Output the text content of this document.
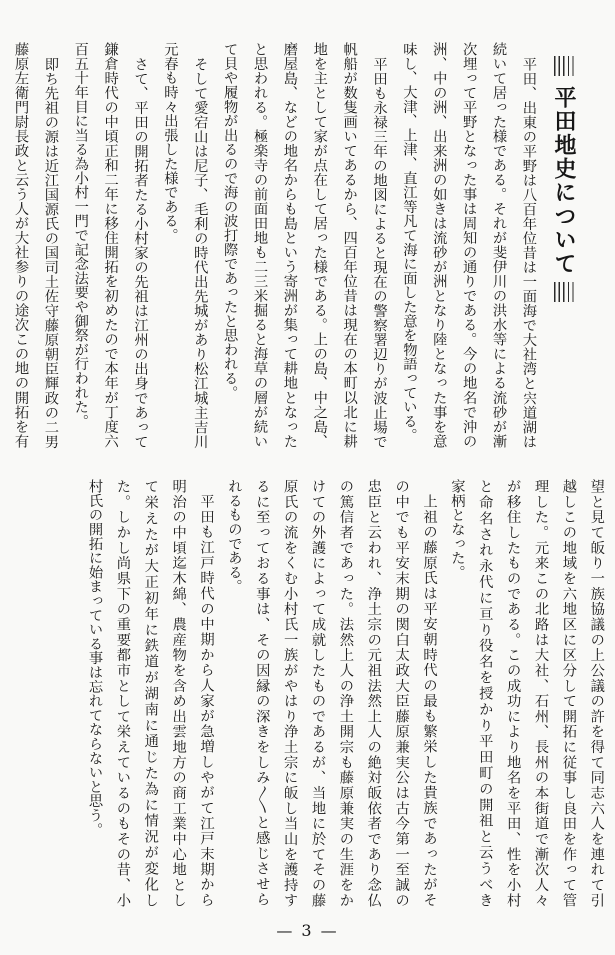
平田地史について
平田、出東の平野は八百年位昔は一面海で大社湾と宍道湖は
続いて居った様である。それが斐伊川の洪水等による流砂が漸
次埋って平野となった事は周知の通りである。今の地名で沖の
洲、中の洲、出来洲の如きは流砂が洲となり陸となった事を意
味し、大津、上津、直江等凡て海に面した意を物語っている。
平田も永禄三年の地図によると現在の警察署辺りが波止場で
帆船が数隻画いてあるから、四百年位昔は現在の本町以北に耕
地を主として家が点在して居った様である。上の島、中之島、
磨屋島、などの地名からも島という寄洲が集って耕地となった
と思われる。極楽寺の前面田地も二三米掘ると海草の層が続い
て貝や履物が出るので海の波打際であったと思われる。
そして愛宕山は尼子、毛利の時代出先城があり松江城主吉川
元春も時々出張した様である。
さて、平田の開拓者たる小村家の先祖は江州の出身であって
鎌倉時代の中頃正和二年に移住開拓を初めたので本年が丁度六
百五十年目に当る為小村一門で記念法要や御祭が行われた。
即ち先祖の源は近江国源氏の国司土佐守藤原朝臣輝政の二男
藤原左衛門尉長政と云う人が大社参りの途次この地の開拓を有
望と見て皈り一族協議の上公議の許を得て同志六人を連れて引
越しこの地域を六地区に区分して開拓に従事し良田を作って管
理した。元来この北路は大社、石州、長州の本街道で漸次人々
が移住したものである。この成功により地名を平田、性を小村
と命名され永代に亘り役名を授かり平田町の開祖と云うべき
家柄となった。
上祖の藤原氏は平安朝時代の最も繁栄した貴族であったがそ
の中でも平安末期の関白太政大臣藤原兼実公は古今第一至誠の
忠臣と云われ、浄土宗の元祖法然上人の絶対皈依者であり念仏
の篤信者であった。法然上人の浄土開宗も藤原兼実の生涯をか
けての外護によって成就したものであるが、当地に於てその藤
原氏の流をくむ小村氏一族がやはり浄土宗に皈し当山を護持す
るに至っておる事は、その因縁の深きをしみ〳〵と感じさせら
れるものである。
平田も江戸時代の中期から人家が急増しやがて江戸末期から
明治の中頃迄木綿、農産物を含め出雲地方の商工業中心地とし
て栄えたが大正初年に鉄道が湖南に通じた為に情況が変化し
た。しかし尚県下の重要都市として栄えているのもその昔、小
村氏の開拓に始まっている事は忘れてならないと思う。
— 3 —
